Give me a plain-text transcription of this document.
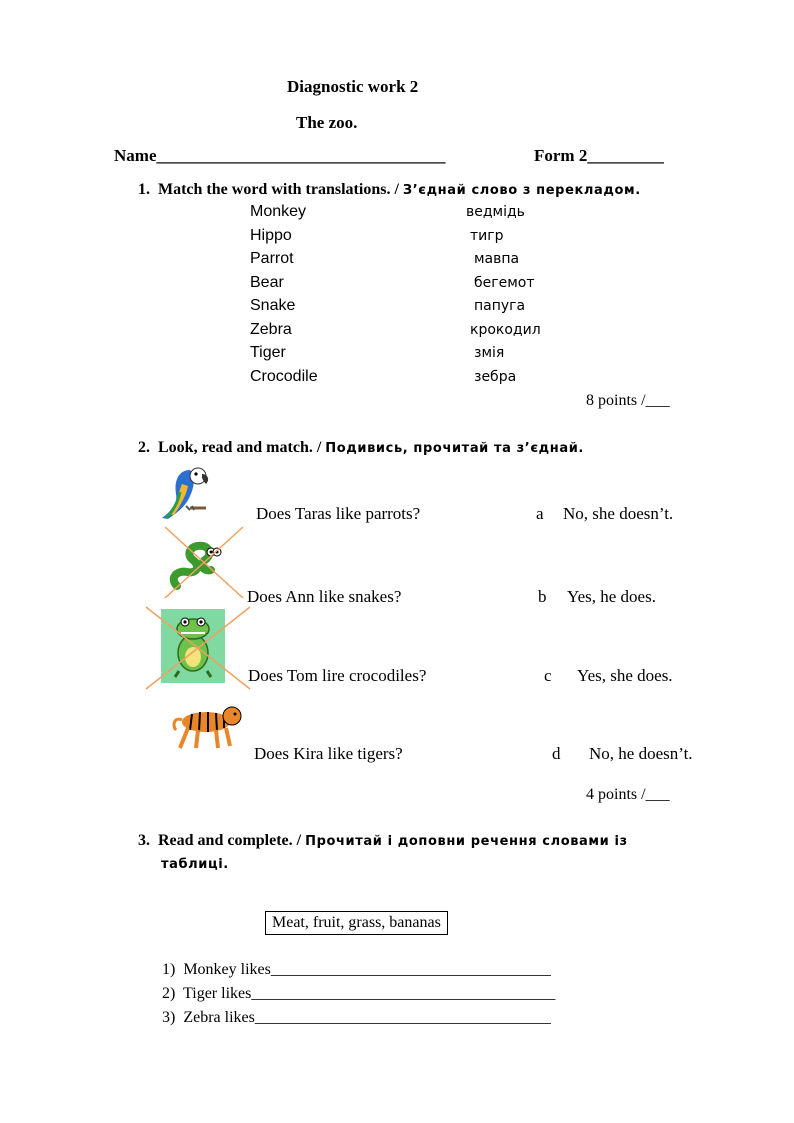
Diagnostic work 2
The zoo.
Name__________________________________	Form 2_________
1. Match the word with translations. / З’єднай слово з перекладом.
Monkey
Hippo
Parrot
Bear
Snake
Zebra
Tiger
Crocodile
ведмідь
тигр
мавпа
бегемот
папуга
крокодил
змія
зебра
8 points /___
2. Look, read and match. / Подивись, прочитай та з’єднай.
Does Taras like parrots?
Does Ann like snakes?
Does Tom lire crocodiles?
Does Kira like tigers?
a No, she doesn’t.
b Yes, he does.
c Yes, she does.
d No, he doesn’t.
4 points /___
3. Read and complete. / Прочитай і доповни речення словами із
таблиці.
Meat, fruit, grass, bananas
1) Monkey likes___________________________________
2) Tiger likes______________________________________
3) Zebra likes_____________________________________
